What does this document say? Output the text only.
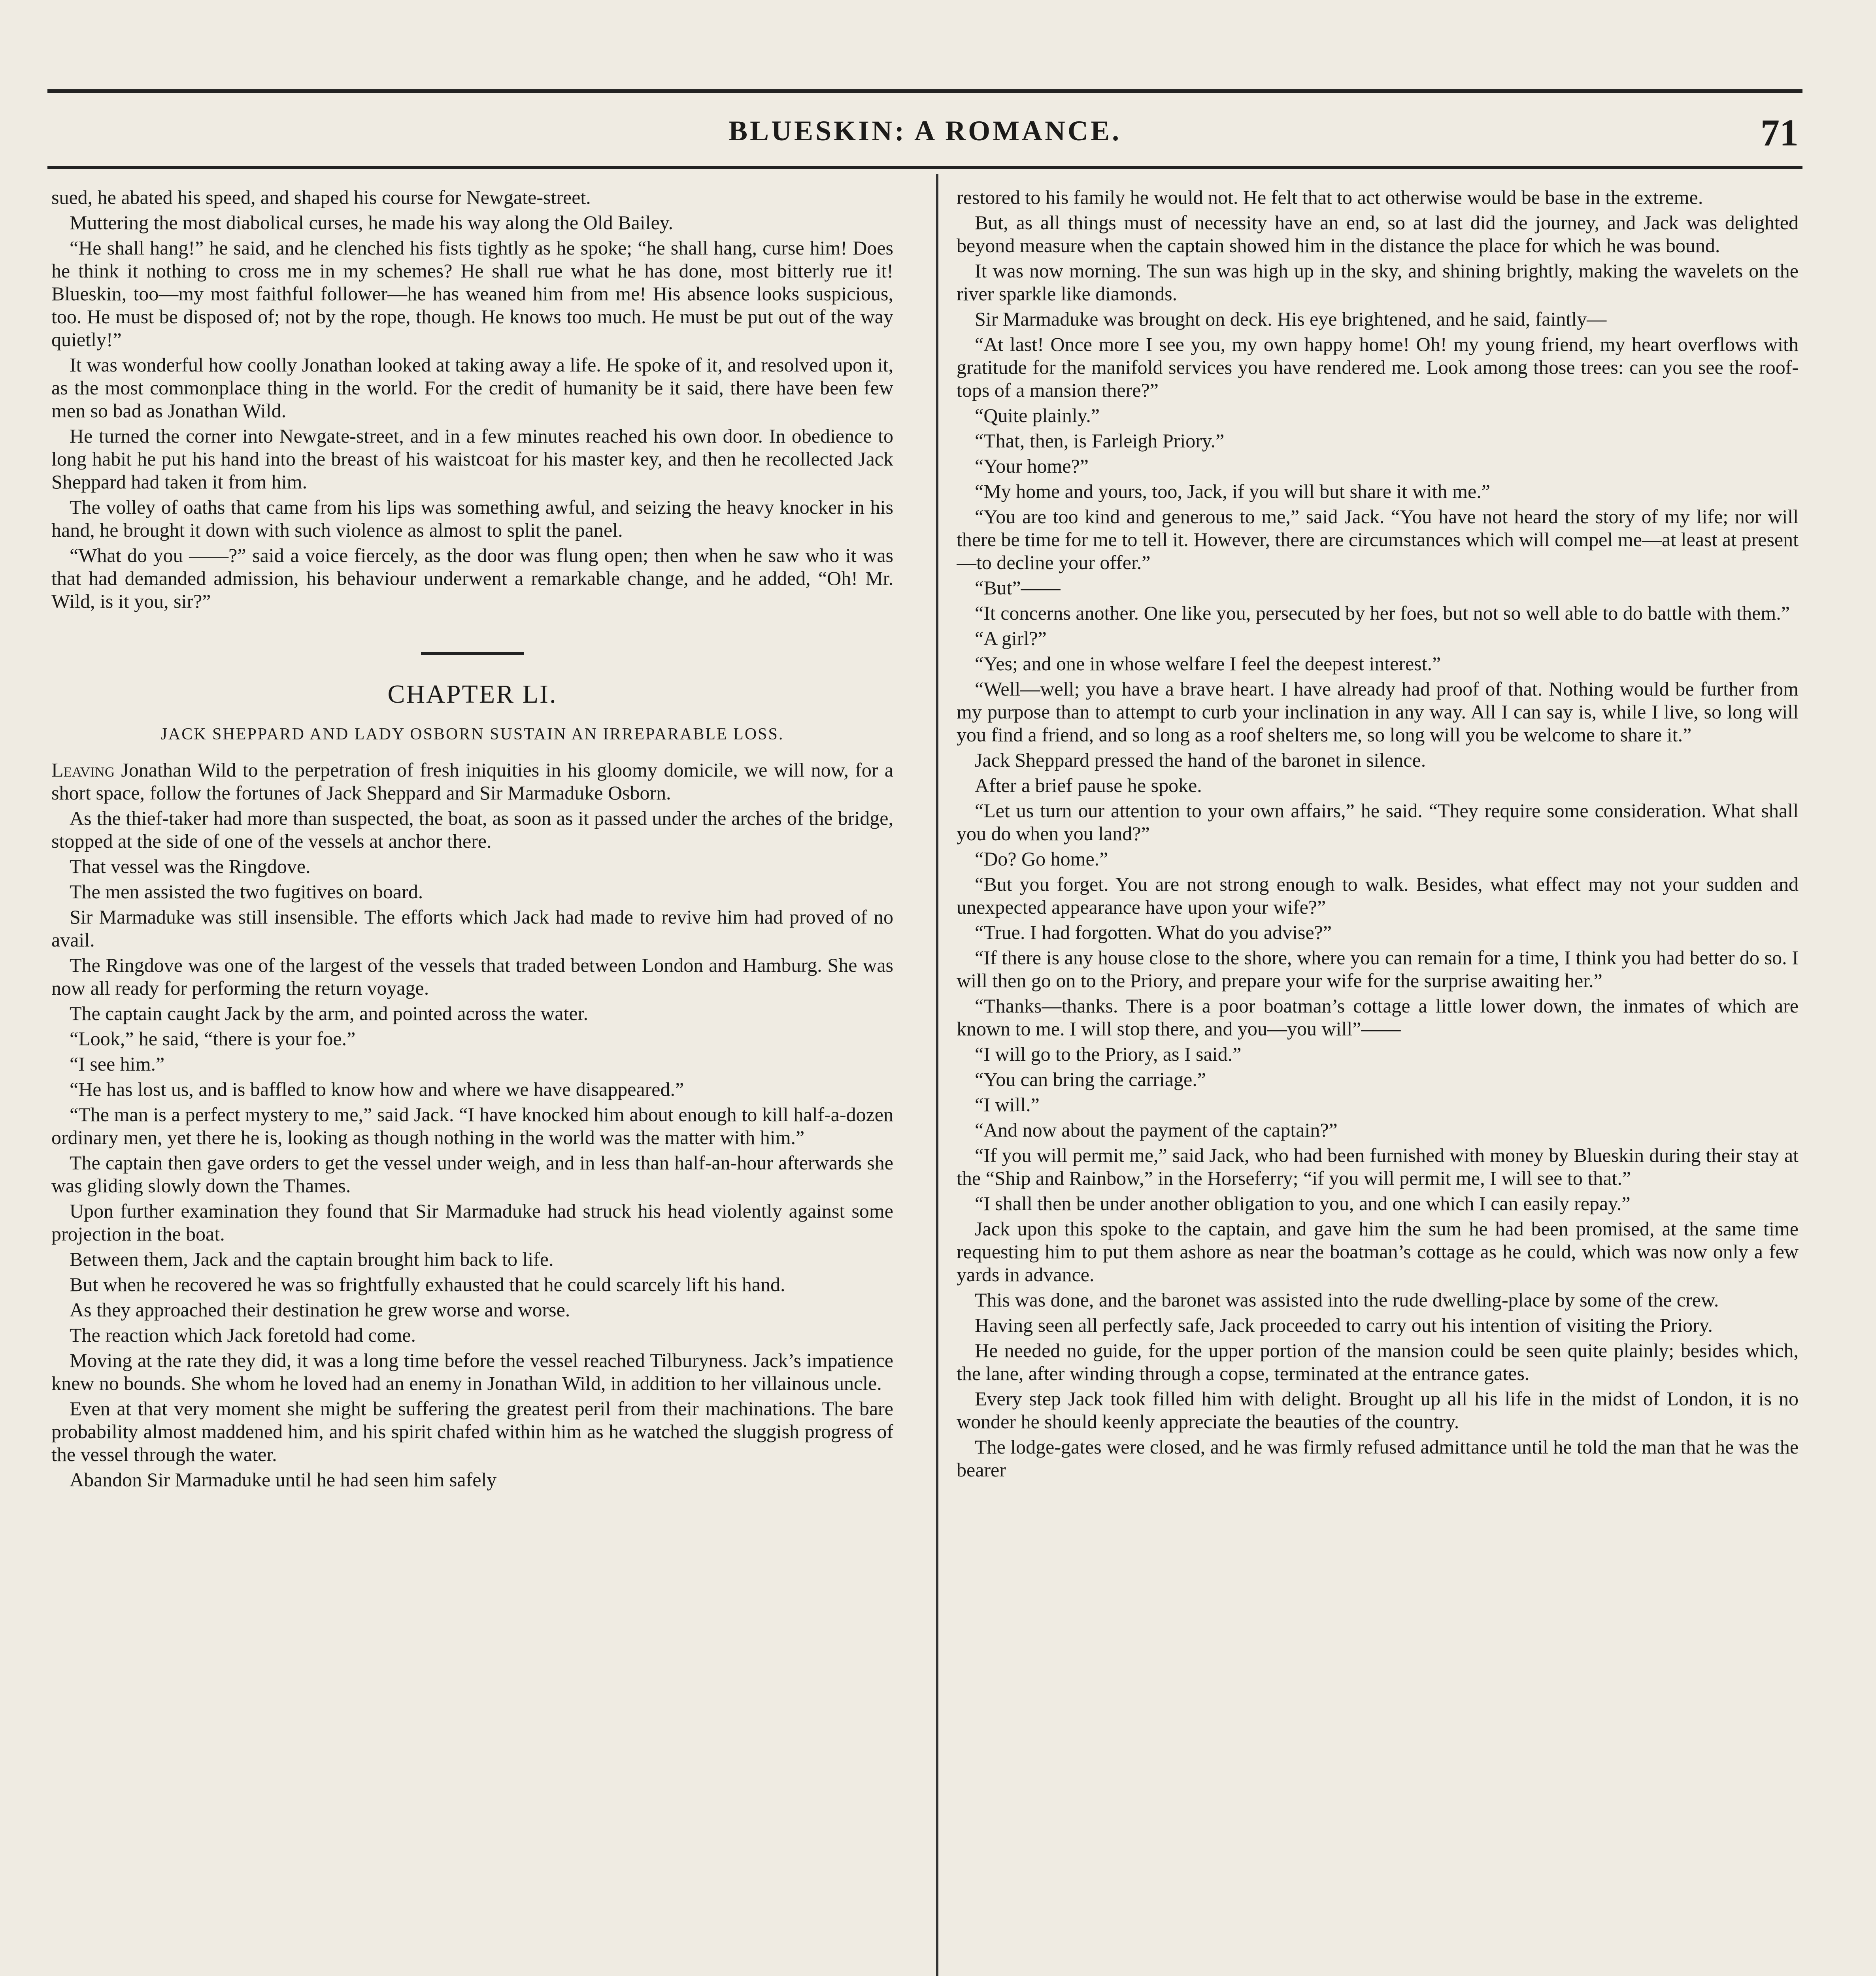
BLUESKIN: A ROMANCE.	71

sued, he abated his speed, and shaped his course for Newgate-street.

Muttering the most diabolical curses, he made his way along the Old Bailey.

“He shall hang!” he said, and he clenched his fists tightly as he spoke; “he shall hang, curse him! Does he think it nothing to cross me in my schemes? He shall rue what he has done, most bitterly rue it! Blueskin, too—my most faithful follower—he has weaned him from me! His absence looks suspicious, too. He must be disposed of; not by the rope, though. He knows too much. He must be put out of the way quietly!”

It was wonderful how coolly Jonathan looked at taking away a life. He spoke of it, and resolved upon it, as the most commonplace thing in the world. For the credit of humanity be it said, there have been few men so bad as Jonathan Wild.

He turned the corner into Newgate-street, and in a few minutes reached his own door. In obedience to long habit he put his hand into the breast of his waistcoat for his master key, and then he recollected Jack Sheppard had taken it from him.

The volley of oaths that came from his lips was something awful, and seizing the heavy knocker in his hand, he brought it down with such violence as almost to split the panel.

“What do you ——?” said a voice fiercely, as the door was flung open; then when he saw who it was that had demanded admission, his behaviour underwent a remarkable change, and he added, “Oh! Mr. Wild, is it you, sir?”

CHAPTER LI.
JACK SHEPPARD AND LADY OSBORN SUSTAIN AN IRREPARABLE LOSS.

Leaving Jonathan Wild to the perpetration of fresh iniquities in his gloomy domicile, we will now, for a short space, follow the fortunes of Jack Sheppard and Sir Marmaduke Osborn.

As the thief-taker had more than suspected, the boat, as soon as it passed under the arches of the bridge, stopped at the side of one of the vessels at anchor there.

That vessel was the Ringdove.

The men assisted the two fugitives on board.

Sir Marmaduke was still insensible. The efforts which Jack had made to revive him had proved of no avail.

The Ringdove was one of the largest of the vessels that traded between London and Hamburg. She was now all ready for performing the return voyage.

The captain caught Jack by the arm, and pointed across the water.

“Look,” he said, “there is your foe.”

“I see him.”

“He has lost us, and is baffled to know how and where we have disappeared.”

“The man is a perfect mystery to me,” said Jack. “I have knocked him about enough to kill half-a-dozen ordinary men, yet there he is, looking as though nothing in the world was the matter with him.”

The captain then gave orders to get the vessel under weigh, and in less than half-an-hour afterwards she was gliding slowly down the Thames.

Upon further examination they found that Sir Marmaduke had struck his head violently against some projection in the boat.

Between them, Jack and the captain brought him back to life.

But when he recovered he was so frightfully exhausted that he could scarcely lift his hand.

As they approached their destination he grew worse and worse.

The reaction which Jack foretold had come.

Moving at the rate they did, it was a long time before the vessel reached Tilburyness. Jack’s impatience knew no bounds. She whom he loved had an enemy in Jonathan Wild, in addition to her villainous uncle.

Even at that very moment she might be suffering the greatest peril from their machinations. The bare probability almost maddened him, and his spirit chafed within him as he watched the sluggish progress of the vessel through the water.

Abandon Sir Marmaduke until he had seen him safely

restored to his family he would not. He felt that to act otherwise would be base in the extreme.

But, as all things must of necessity have an end, so at last did the journey, and Jack was delighted beyond measure when the captain showed him in the distance the place for which he was bound.

It was now morning. The sun was high up in the sky, and shining brightly, making the wavelets on the river sparkle like diamonds.

Sir Marmaduke was brought on deck. His eye brightened, and he said, faintly—

“At last! Once more I see you, my own happy home! Oh! my young friend, my heart overflows with gratitude for the manifold services you have rendered me. Look among those trees: can you see the roof-tops of a mansion there?”

“Quite plainly.”

“That, then, is Farleigh Priory.”

“Your home?”

“My home and yours, too, Jack, if you will but share it with me.”

“You are too kind and generous to me,” said Jack. “You have not heard the story of my life; nor will there be time for me to tell it. However, there are circumstances which will compel me—at least at present—to decline your offer.”

“But”——

“It concerns another. One like you, persecuted by her foes, but not so well able to do battle with them.”

“A girl?”

“Yes; and one in whose welfare I feel the deepest interest.”

“Well—well; you have a brave heart. I have already had proof of that. Nothing would be further from my purpose than to attempt to curb your inclination in any way. All I can say is, while I live, so long will you find a friend, and so long as a roof shelters me, so long will you be welcome to share it.”

Jack Sheppard pressed the hand of the baronet in silence.

After a brief pause he spoke.

“Let us turn our attention to your own affairs,” he said. “They require some consideration. What shall you do when you land?”

“Do? Go home.”

“But you forget. You are not strong enough to walk. Besides, what effect may not your sudden and unexpected appearance have upon your wife?”

“True. I had forgotten. What do you advise?”

“If there is any house close to the shore, where you can remain for a time, I think you had better do so. I will then go on to the Priory, and prepare your wife for the surprise awaiting her.”

“Thanks—thanks. There is a poor boatman’s cottage a little lower down, the inmates of which are known to me. I will stop there, and you—you will”——

“I will go to the Priory, as I said.”

“You can bring the carriage.”

“I will.”

“And now about the payment of the captain?”

“If you will permit me,” said Jack, who had been furnished with money by Blueskin during their stay at the “Ship and Rainbow,” in the Horseferry; “if you will permit me, I will see to that.”

“I shall then be under another obligation to you, and one which I can easily repay.”

Jack upon this spoke to the captain, and gave him the sum he had been promised, at the same time requesting him to put them ashore as near the boatman’s cottage as he could, which was now only a few yards in advance.

This was done, and the baronet was assisted into the rude dwelling-place by some of the crew.

Having seen all perfectly safe, Jack proceeded to carry out his intention of visiting the Priory.

He needed no guide, for the upper portion of the mansion could be seen quite plainly; besides which, the lane, after winding through a copse, terminated at the entrance gates.

Every step Jack took filled him with delight. Brought up all his life in the midst of London, it is no wonder he should keenly appreciate the beauties of the country.

The lodge-gates were closed, and he was firmly refused admittance until he told the man that he was the bearer
